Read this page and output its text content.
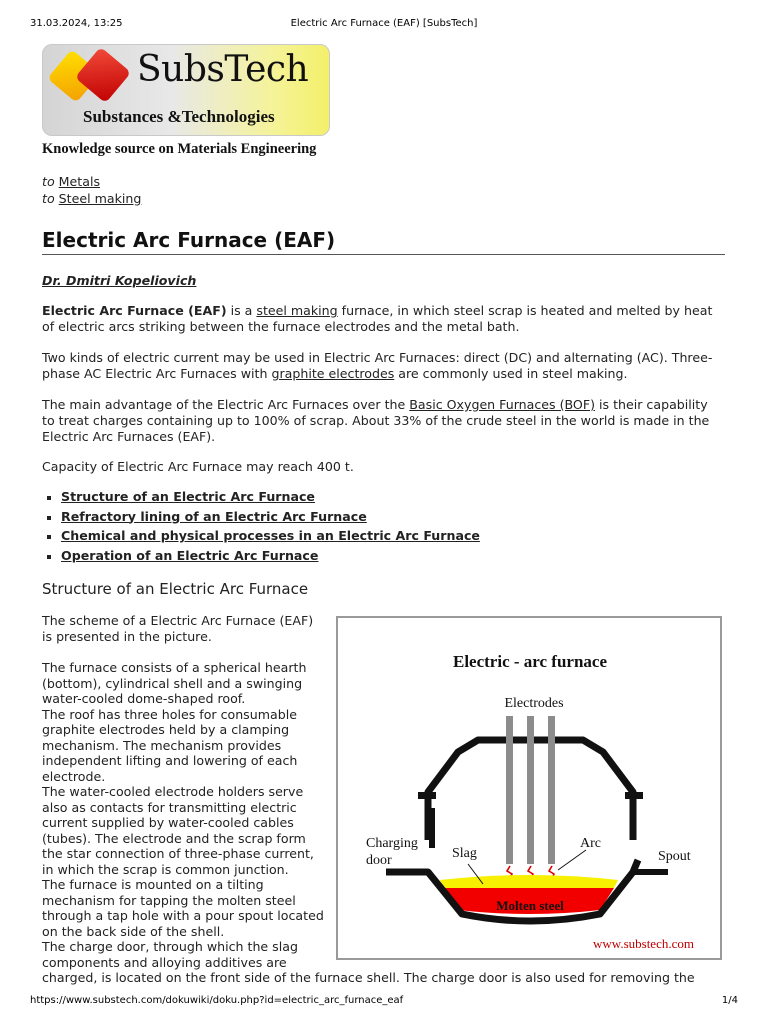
31.03.2024, 13:25	Electric Arc Furnace (EAF) [SubsTech]
SubsTech
Substances &Technologies
Knowledge source on Materials Engineering
to Metals
to Steel making
Electric Arc Furnace (EAF)
Dr. Dmitri Kopeliovich

Electric Arc Furnace (EAF) is a steel making furnace, in which steel scrap is heated and melted by heat of electric arcs striking between the furnace electrodes and the metal bath.

Two kinds of electric current may be used in Electric Arc Furnaces: direct (DC) and alternating (AC). Three-phase AC Electric Arc Furnaces with graphite electrodes are commonly used in steel making.

The main advantage of the Electric Arc Furnaces over the Basic Oxygen Furnaces (BOF) is their capability to treat charges containing up to 100% of scrap. About 33% of the crude steel in the world is made in the Electric Arc Furnaces (EAF).

Capacity of Electric Arc Furnace may reach 400 t.

Structure of an Electric Arc Furnace
Refractory lining of an Electric Arc Furnace
Chemical and physical processes in an Electric Arc Furnace
Operation of an Electric Arc Furnace
Structure of an Electric Arc Furnace

The scheme of a Electric Arc Furnace (EAF) is presented in the picture.

The furnace consists of a spherical hearth (bottom), cylindrical shell and a swinging water-cooled dome-shaped roof.

The roof has three holes for consumable graphite electrodes held by a clamping mechanism. The mechanism provides independent lifting and lowering of each electrode.

The water-cooled electrode holders serve also as contacts for transmitting electric current supplied by water-cooled cables (tubes). The electrode and the scrap form the star connection of three-phase current, in which the scrap is common junction.

The furnace is mounted on a tilting mechanism for tapping the molten steel through a tap hole with a pour spout located on the back side of the shell.

The charge door, through which the slag components and alloying additives are

charged, is located on the front side of the furnace shell. The charge door is also used for removing the
Electric - arc furnace
Electrodes
Molten steel
Charging
door	Slag
Arc
Spout
www.substech.com
https://www.substech.com/dokuwiki/doku.php?id=electric_arc_furnace_eaf	1/4
